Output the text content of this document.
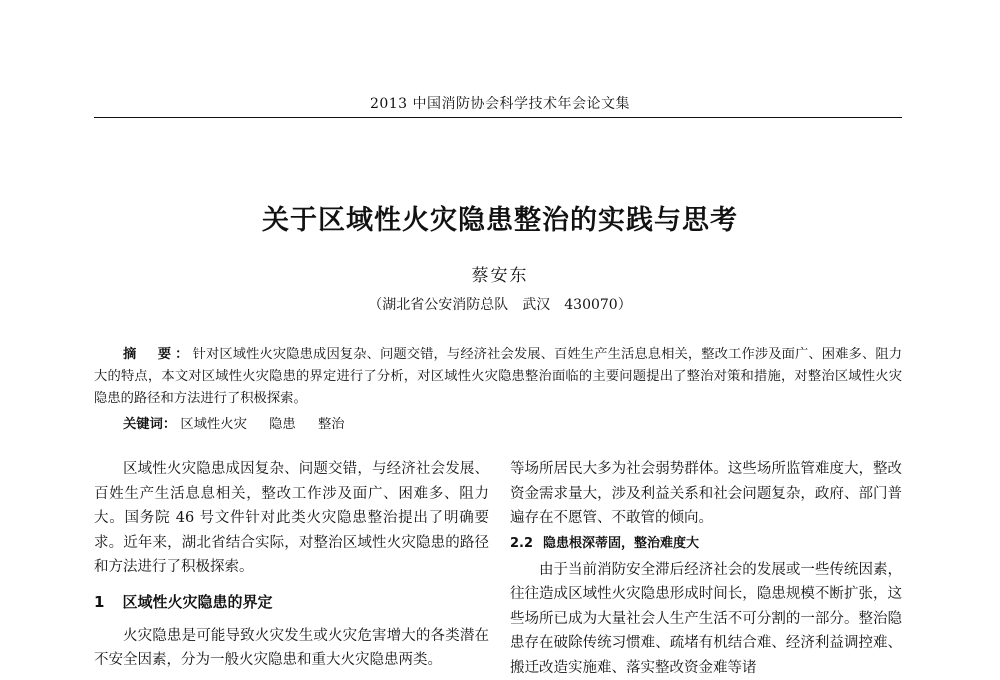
2013 中国消防协会科学技术年会论文集
关于区域性火灾隐患整治的实践与思考
蔡安东
（湖北省公安消防总队　武汉　430070）
摘　要：针对区域性火灾隐患成因复杂、问题交错，与经济社会发展、百姓生产生活息息相关，整改工作涉及面广、困难多、阻力大的特点，本文对区域性火灾隐患的界定进行了分析，对区域性火灾隐患整治面临的主要问题提出了整治对策和措施，对整治区域性火灾隐患的路径和方法进行了积极探索。
关键词： 区域性火灾 隐患 整治

区域性火灾隐患成因复杂、问题交错，与经济社会发展、百姓生产生活息息相关，整改工作涉及面广、困难多、阻力大。国务院 46 号文件针对此类火灾隐患整治提出了明确要求。近年来，湖北省结合实际，对整治区域性火灾隐患的路径和方法进行了积极探索。

1 区域性火灾隐患的界定

火灾隐患是可能导致火灾发生或火灾危害增大的各类潜在不安全因素，分为一般火灾隐患和重大火灾隐患两类。

等场所居民大多为社会弱势群体。这些场所监管难度大，整改资金需求量大，涉及利益关系和社会问题复杂，政府、部门普遍存在不愿管、不敢管的倾向。

2.2 隐患根深蒂固，整治难度大

由于当前消防安全滞后经济社会的发展或一些传统因素，往往造成区域性火灾隐患形成时间长，隐患规模不断扩张，这些场所已成为大量社会人生产生活不可分割的一部分。整治隐患存在破除传统习惯难、疏堵有机结合难、经济利益调控难、搬迁改造实施难、落实整改资金难等诸
